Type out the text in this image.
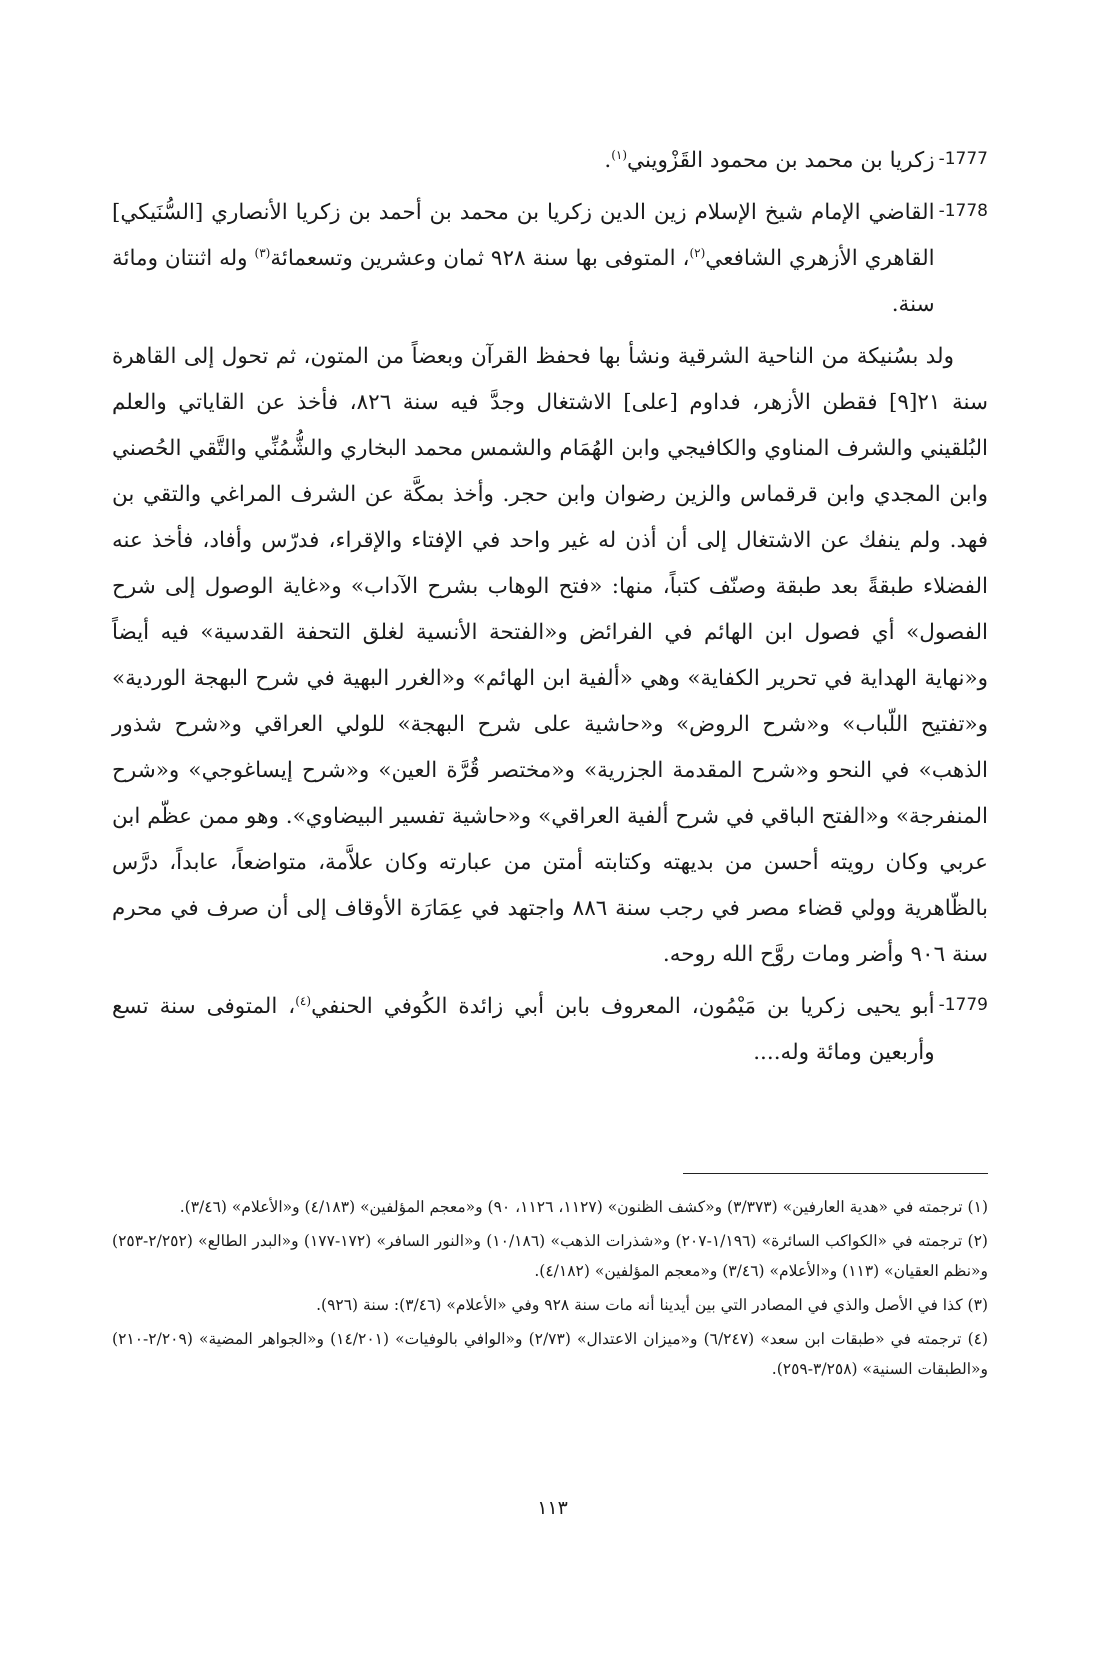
-1777
زكريا بن محمد بن محمود القَزْويني$^{(١)}$.
-1778
القاضي الإمام شيخ الإسلام زين الدين زكريا بن محمد بن أحمد بن زكريا الأنصاري [السُّنَيكي] القاهري الأزهري الشافعي$^{(٢)}$، المتوفى بها سنة ٩٢٨ ثمان وعشرين وتسعمائة$^{(٣)}$ وله اثنتان ومائة سنة.

ولد بسُنيكة من الناحية الشرقية ونشأ بها فحفظ القرآن وبعضاً من المتون، ثم تحول إلى القاهرة سنة ٢١[٩] فقطن الأزهر، فداوم [على] الاشتغال وجدَّ فيه سنة ٨٢٦، فأخذ عن القاياتي والعلم البُلقيني والشرف المناوي والكافيجي وابن الهُمَام والشمس محمد البخاري والشُّمُنِّي والتَّقي الحُصني وابن المجدي وابن قرقماس والزين رضوان وابن حجر. وأخذ بمكَّة عن الشرف المراغي والتقي بن فهد. ولم ينفك عن الاشتغال إلى أن أذن له غير واحد في الإفتاء والإقراء، فدرّس وأفاد، فأخذ عنه الفضلاء طبقةً بعد طبقة وصنّف كتباً، منها: «فتح الوهاب بشرح الآداب» و«غاية الوصول إلى شرح الفصول» أي فصول ابن الهائم في الفرائض و«الفتحة الأنسية لغلق التحفة القدسية» فيه أيضاً و«نهاية الهداية في تحرير الكفاية» وهي «ألفية ابن الهائم» و«الغرر البهية في شرح البهجة الوردية» و«تفتيح اللّباب» و«شرح الروض» و«حاشية على شرح البهجة» للولي العراقي و«شرح شذور الذهب» في النحو و«شرح المقدمة الجزرية» و«مختصر قُرَّة العين» و«شرح إيساغوجي» و«شرح المنفرجة» و«الفتح الباقي في شرح ألفية العراقي» و«حاشية تفسير البيضاوي». وهو ممن عظّم ابن عربي وكان رويته أحسن من بديهته وكتابته أمتن من عبارته وكان علاَّمة، متواضعاً، عابداً، درَّس بالظّاهرية وولي قضاء مصر في رجب سنة ٨٨٦ واجتهد في عِمَارَة الأوقاف إلى أن صرف في محرم سنة ٩٠٦ وأضر ومات روَّح الله روحه.

-1779
أبو يحيى زكريا بن مَيْمُون، المعروف بابن أبي زائدة الكُوفي الحنفي$^{(٤)}$، المتوفى سنة تسع وأربعين ومائة وله....

(١) ترجمته في «هدية العارفين» (٣/٣٧٣) و«كشف الظنون» (١١٢٧، ١١٢٦، ٩٠) و«معجم المؤلفين» (٤/١٨٣) و«الأعلام» (٣/٤٦).

(٢) ترجمته في «الكواكب السائرة» (١/١٩٦-٢٠٧) و«شذرات الذهب» (١٠/١٨٦) و«النور السافر» (١٧٢-١٧٧) و«البدر الطالع» (٢/٢٥٢-٢٥٣) و«نظم العقيان» (١١٣) و«الأعلام» (٣/٤٦) و«معجم المؤلفين» (٤/١٨٢).

(٣) كذا في الأصل والذي في المصادر التي بين أيدينا أنه مات سنة ٩٢٨ وفي «الأعلام» (٣/٤٦): سنة (٩٢٦).

(٤) ترجمته في «طبقات ابن سعد» (٦/٢٤٧) و«ميزان الاعتدال» (٢/٧٣) و«الوافي بالوفيات» (١٤/٢٠١) و«الجواهر المضية» (٢/٢٠٩-٢١٠) و«الطبقات السنية» (٣/٢٥٨-٢٥٩).

١١٣
